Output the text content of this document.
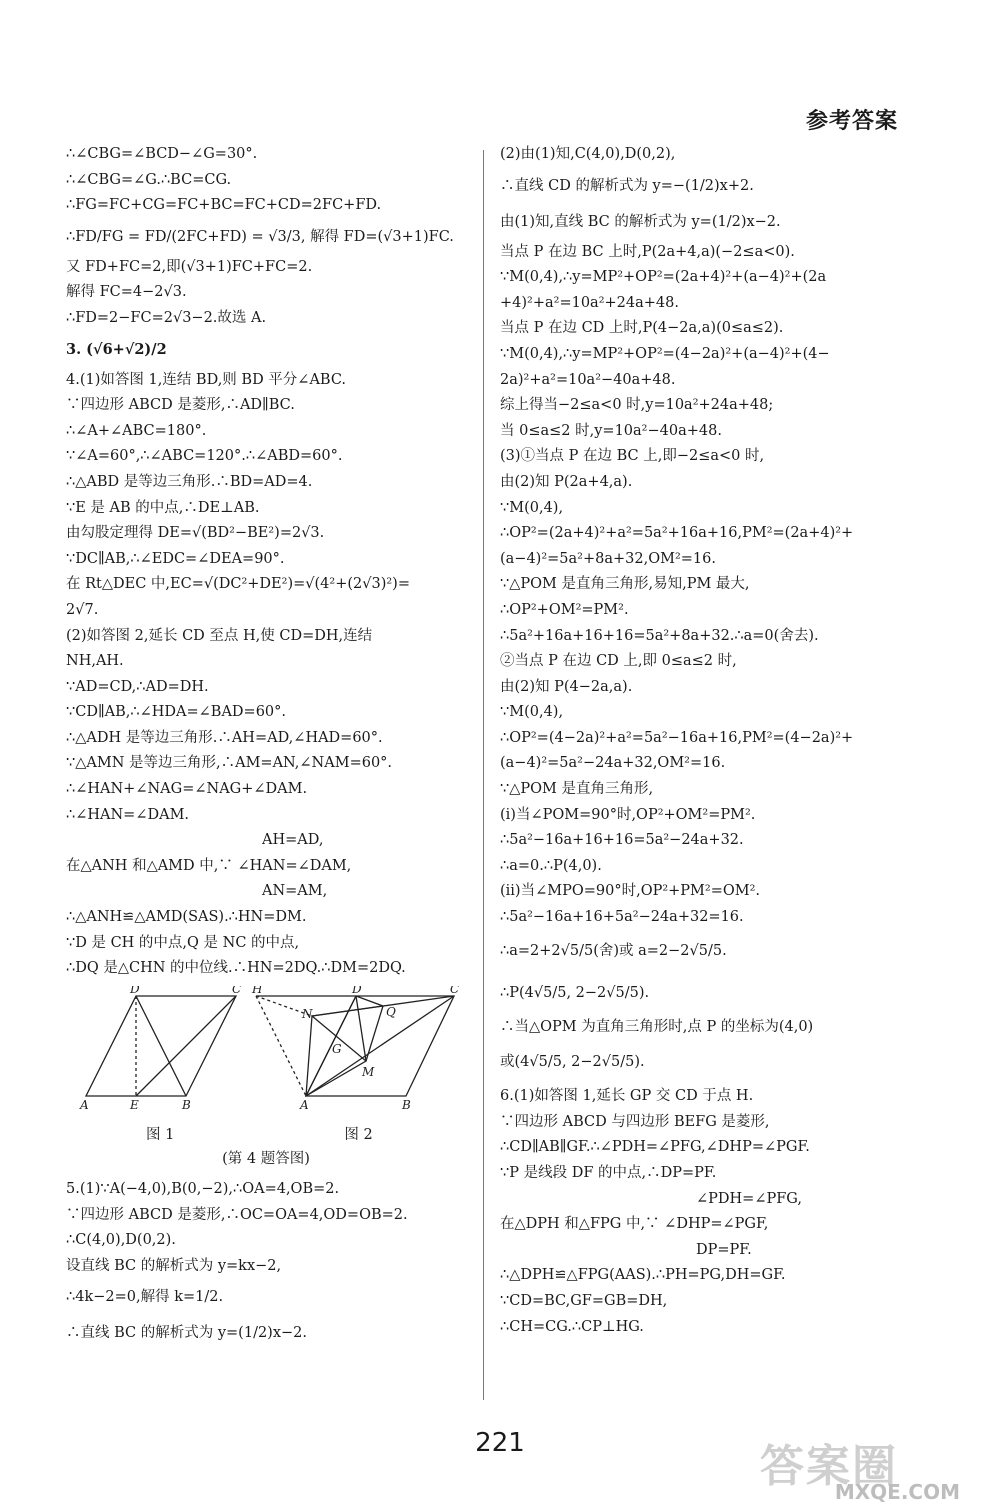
参考答案
∴∠CBG=∠BCD−∠G=30°.
∴∠CBG=∠G.∴BC=CG.
∴FG=FC+CG=FC+BC=FC+CD=2FC+FD.
∴FD/FG = FD/(2FC+FD) = √3/3, 解得 FD=(√3+1)FC.
又 FD+FC=2,即(√3+1)FC+FC=2.
解得 FC=4−2√3.
∴FD=2−FC=2√3−2.故选 A.
3. (√6+√2)/2
4.(1)如答图 1,连结 BD,则 BD 平分∠ABC.
∵四边形 ABCD 是菱形,∴AD∥BC.
∴∠A+∠ABC=180°.
∵∠A=60°,∴∠ABC=120°.∴∠ABD=60°.
∴△ABD 是等边三角形.∴BD=AD=4.
∵E 是 AB 的中点,∴DE⊥AB.
由勾股定理得 DE=√(BD²−BE²)=2√3.
∵DC∥AB,∴∠EDC=∠DEA=90°.
在 Rt△DEC 中,EC=√(DC²+DE²)=√(4²+(2√3)²)=
2√7.
(2)如答图 2,延长 CD 至点 H,使 CD=DH,连结
NH,AH.
∵AD=CD,∴AD=DH.
∵CD∥AB,∴∠HDA=∠BAD=60°.
∴△ADH 是等边三角形.∴AH=AD,∠HAD=60°.
∵△AMN 是等边三角形,∴AM=AN,∠NAM=60°.
∴∠HAN+∠NAG=∠NAG+∠DAM.
∴∠HAN=∠DAM.
AH=AD,
在△ANH 和△AMD 中,∵ ∠HAN=∠DAM,
AN=AM,
∴△ANH≌△AMD(SAS).∴HN=DM.
∵D 是 CH 的中点,Q 是 NC 的中点,
∴DQ 是△CHN 的中位线.∴HN=2DQ.∴DM=2DQ.
D	C
A	E	B
H	D	C
N	Q
G
M
A	B
图 1	图 2
(第 4 题答图)
5.(1)∵A(−4,0),B(0,−2),∴OA=4,OB=2.
∵四边形 ABCD 是菱形,∴OC=OA=4,OD=OB=2.
∴C(4,0),D(0,2).
设直线 BC 的解析式为 y=kx−2,
∴4k−2=0,解得 k=1/2.
∴直线 BC 的解析式为 y=(1/2)x−2.
(2)由(1)知,C(4,0),D(0,2),
∴直线 CD 的解析式为 y=−(1/2)x+2.
由(1)知,直线 BC 的解析式为 y=(1/2)x−2.
当点 P 在边 BC 上时,P(2a+4,a)(−2≤a<0).
∵M(0,4),∴y=MP²+OP²=(2a+4)²+(a−4)²+(2a
+4)²+a²=10a²+24a+48.
当点 P 在边 CD 上时,P(4−2a,a)(0≤a≤2).
∵M(0,4),∴y=MP²+OP²=(4−2a)²+(a−4)²+(4−
2a)²+a²=10a²−40a+48.
综上得当−2≤a<0 时,y=10a²+24a+48;
当 0≤a≤2 时,y=10a²−40a+48.
(3)①当点 P 在边 BC 上,即−2≤a<0 时,
由(2)知 P(2a+4,a).
∵M(0,4),
∴OP²=(2a+4)²+a²=5a²+16a+16,PM²=(2a+4)²+
(a−4)²=5a²+8a+32,OM²=16.
∵△POM 是直角三角形,易知,PM 最大,
∴OP²+OM²=PM².
∴5a²+16a+16+16=5a²+8a+32.∴a=0(舍去).
②当点 P 在边 CD 上,即 0≤a≤2 时,
由(2)知 P(4−2a,a).
∵M(0,4),
∴OP²=(4−2a)²+a²=5a²−16a+16,PM²=(4−2a)²+
(a−4)²=5a²−24a+32,OM²=16.
∵△POM 是直角三角形,
(i)当∠POM=90°时,OP²+OM²=PM².
∴5a²−16a+16+16=5a²−24a+32.
∴a=0.∴P(4,0).
(ii)当∠MPO=90°时,OP²+PM²=OM².
∴5a²−16a+16+5a²−24a+32=16.
∴a=2+2√5/5(舍)或 a=2−2√5/5.
∴P(4√5/5, 2−2√5/5).
∴当△OPM 为直角三角形时,点 P 的坐标为(4,0)
或(4√5/5, 2−2√5/5).
6.(1)如答图 1,延长 GP 交 CD 于点 H.
∵四边形 ABCD 与四边形 BEFG 是菱形,
∴CD∥AB∥GF.∴∠PDH=∠PFG,∠DHP=∠PGF.
∵P 是线段 DF 的中点,∴DP=PF.
∠PDH=∠PFG,
在△DPH 和△FPG 中,∵ ∠DHP=∠PGF,
DP=PF.
∴△DPH≌△FPG(AAS).∴PH=PG,DH=GF.
∵CD=BC,GF=GB=DH,
∴CH=CG.∴CP⊥HG.
221	答案圈
MXQE.COM
